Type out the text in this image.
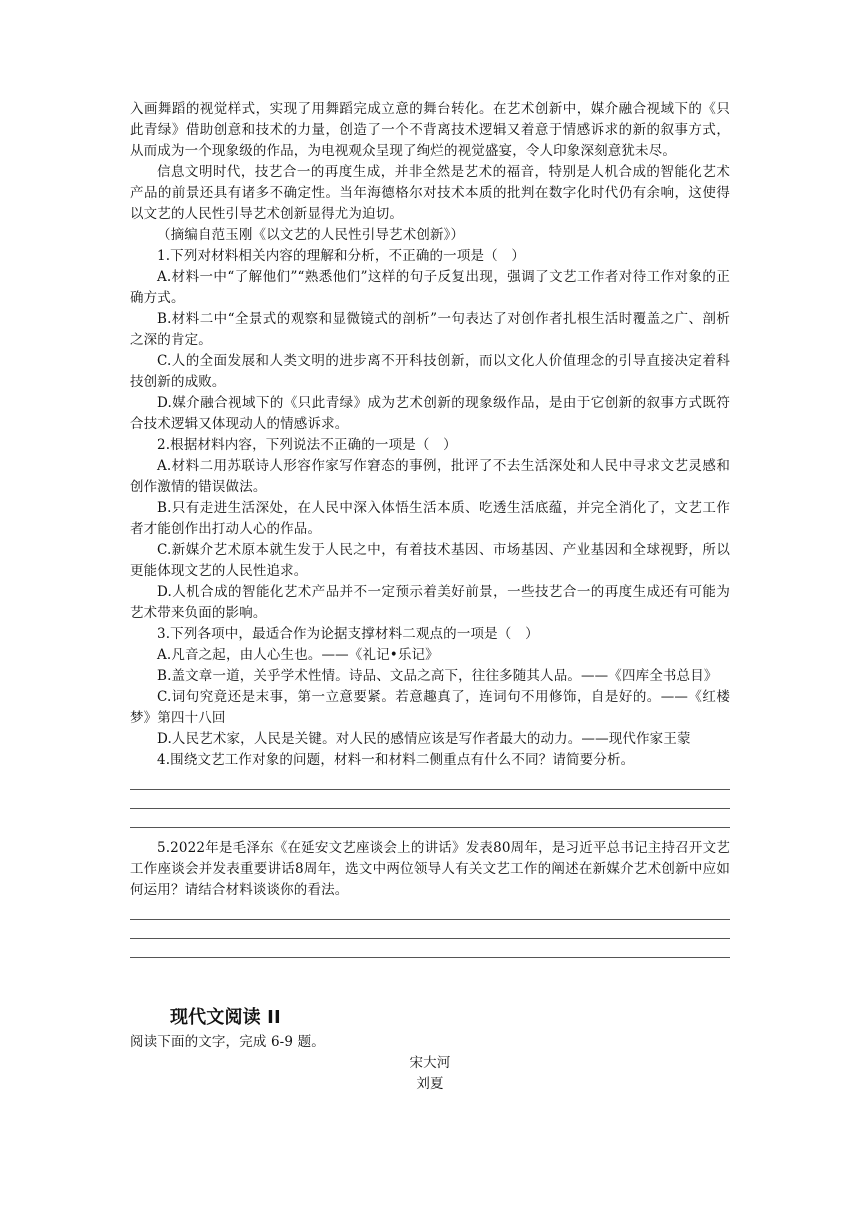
入画舞蹈的视觉样式，实现了用舞蹈完成立意的舞台转化。在艺术创新中，媒介融合视域下的《只此青绿》借助创意和技术的力量，创造了一个不背离技术逻辑又着意于情感诉求的新的叙事方式，从而成为一个现象级的作品，为电视观众呈现了绚烂的视觉盛宴，令人印象深刻意犹未尽。

信息文明时代，技艺合一的再度生成，并非全然是艺术的福音，特别是人机合成的智能化艺术产品的前景还具有诸多不确定性。当年海德格尔对技术本质的批判在数字化时代仍有余响，这使得以文艺的人民性引导艺术创新显得尤为迫切。

（摘编自范玉刚《以文艺的人民性引导艺术创新》）

1.下列对材料相关内容的理解和分析，不正确的一项是（　）

A.材料一中“了解他们”“熟悉他们”这样的句子反复出现，强调了文艺工作者对待工作对象的正确方式。

B.材料二中“全景式的观察和显微镜式的剖析”一句表达了对创作者扎根生活时覆盖之广、剖析之深的肯定。

C.人的全面发展和人类文明的进步离不开科技创新，而以文化人价值理念的引导直接决定着科技创新的成败。

D.媒介融合视域下的《只此青绿》成为艺术创新的现象级作品，是由于它创新的叙事方式既符合技术逻辑又体现动人的情感诉求。

2.根据材料内容，下列说法不正确的一项是（　）

A.材料二用苏联诗人形容作家写作窘态的事例，批评了不去生活深处和人民中寻求文艺灵感和创作激情的错误做法。

B.只有走进生活深处，在人民中深入体悟生活本质、吃透生活底蕴，并完全消化了，文艺工作者才能创作出打动人心的作品。

C.新媒介艺术原本就生发于人民之中，有着技术基因、市场基因、产业基因和全球视野，所以更能体现文艺的人民性追求。

D.人机合成的智能化艺术产品并不一定预示着美好前景，一些技艺合一的再度生成还有可能为艺术带来负面的影响。

3.下列各项中，最适合作为论据支撑材料二观点的一项是（　）

A.凡音之起，由人心生也。——《礼记•乐记》

B.盖文章一道，关乎学术性情。诗品、文品之高下，往往多随其人品。——《四库全书总目》

C.词句究竟还是末事，第一立意要紧。若意趣真了，连词句不用修饰，自是好的。——《红楼梦》第四十八回

D.人民艺术家，人民是关键。对人民的感情应该是写作者最大的动力。——现代作家王蒙

4.围绕文艺工作对象的问题，材料一和材料二侧重点有什么不同？请简要分析。

5.2022年是毛泽东《在延安文艺座谈会上的讲话》发表80周年，是习近平总书记主持召开文艺工作座谈会并发表重要讲话8周年，选文中两位领导人有关文艺工作的阐述在新媒介艺术创新中应如何运用？请结合材料谈谈你的看法。

现代文阅读 II

阅读下面的文字，完成 6-9 题。

宋大河

刘夏
